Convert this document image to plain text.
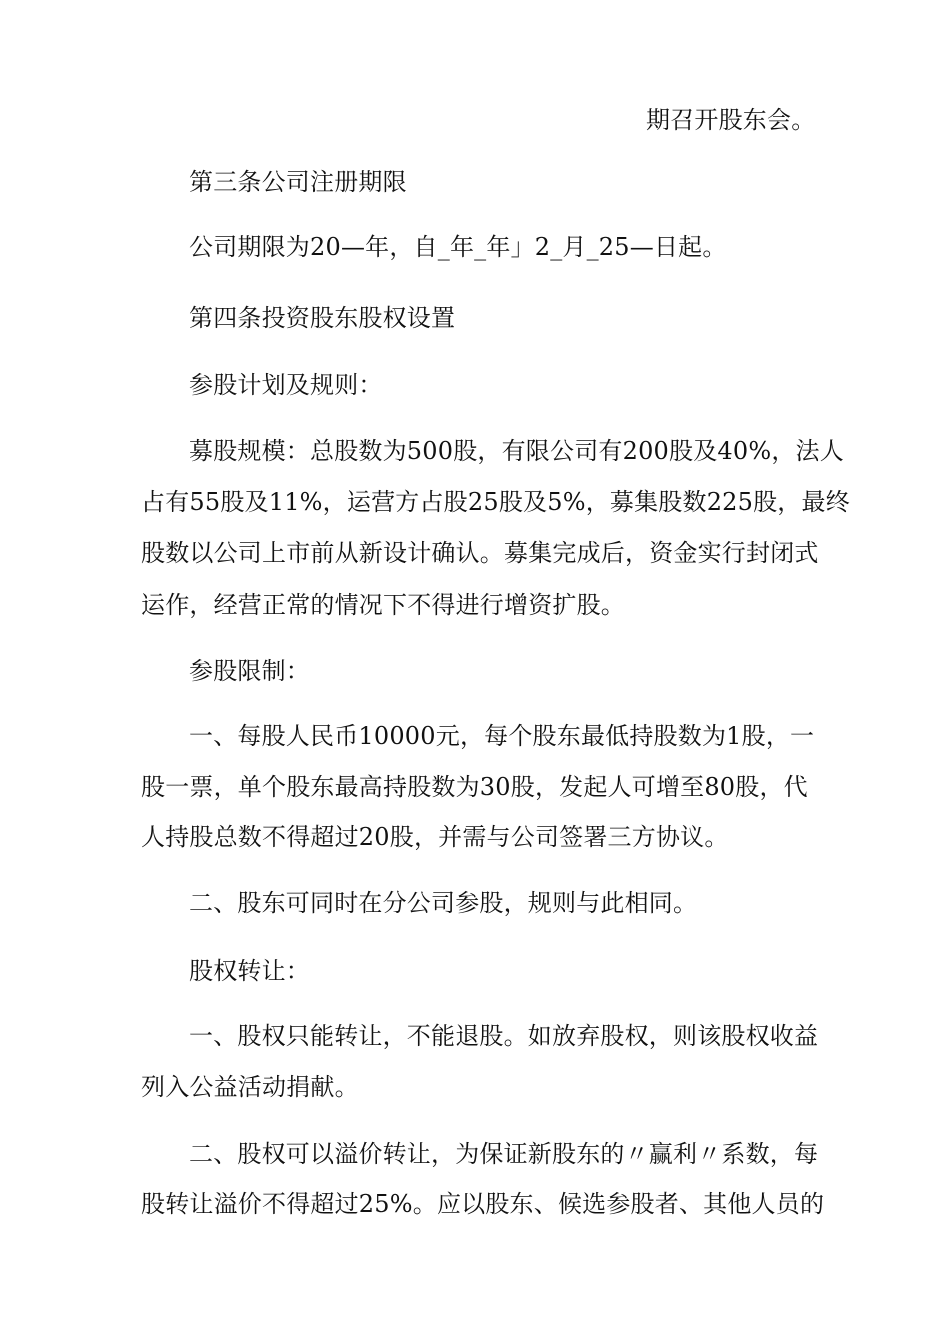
期召开股东会。
第三条公司注册期限
公司期限为20—年，自_年_年」2_月_25—日起。
第四条投资股东股权设置
参股计划及规则：
募股规模：总股数为500股，有限公司有200股及40%，法人
占有55股及11%，运营方占股25股及5%，募集股数225股，最终
股数以公司上市前从新设计确认。募集完成后，资金实行封闭式
运作，经营正常的情况下不得进行增资扩股。
参股限制：
一、每股人民币10000元，每个股东最低持股数为1股，一
股一票，单个股东最高持股数为30股，发起人可增至80股，代
人持股总数不得超过20股，并需与公司签署三方协议。
二、股东可同时在分公司参股，规则与此相同。
股权转让：
一、股权只能转让，不能退股。如放弃股权，则该股权收益
列入公益活动捐献。
二、股权可以溢价转让，为保证新股东的〃赢利〃系数，每
股转让溢价不得超过25%。应以股东、候选参股者、其他人员的
